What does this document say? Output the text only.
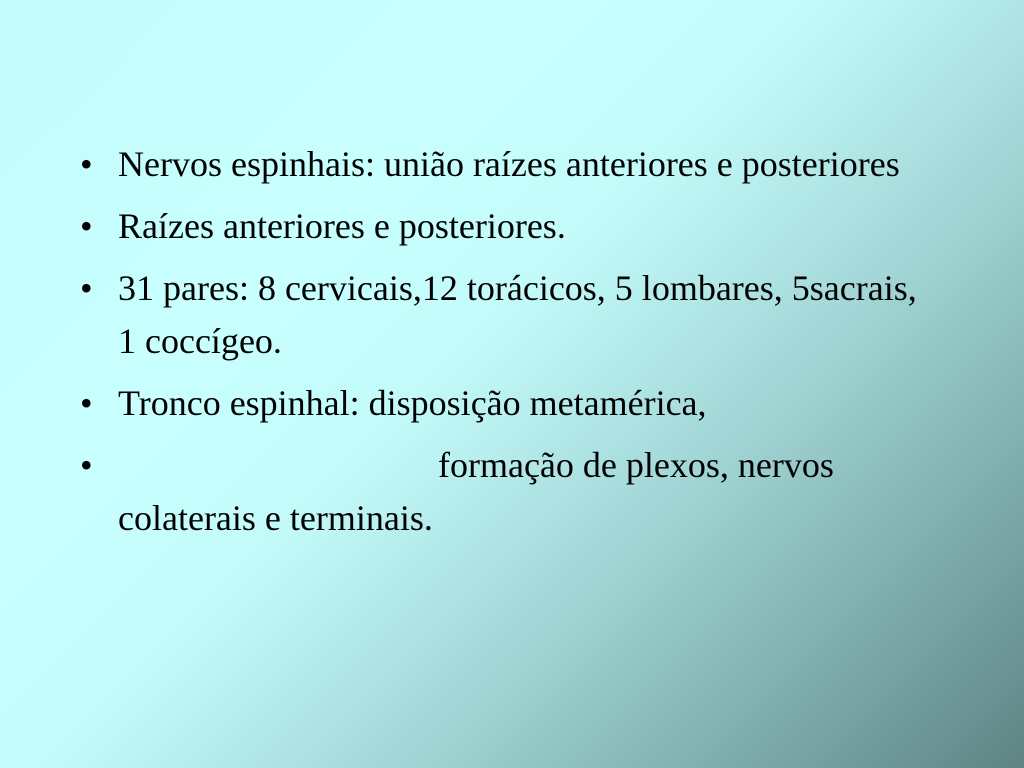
• Nervos espinhais: união raízes anteriores e posteriores
• Raízes anteriores e posteriores.
• 31 pares: 8 cervicais,12 torácicos, 5 lombares, 5sacrais, 1 coccígeo.
• Tronco espinhal: disposição metamérica,
•	formação de plexos, nervos colaterais e terminais.
